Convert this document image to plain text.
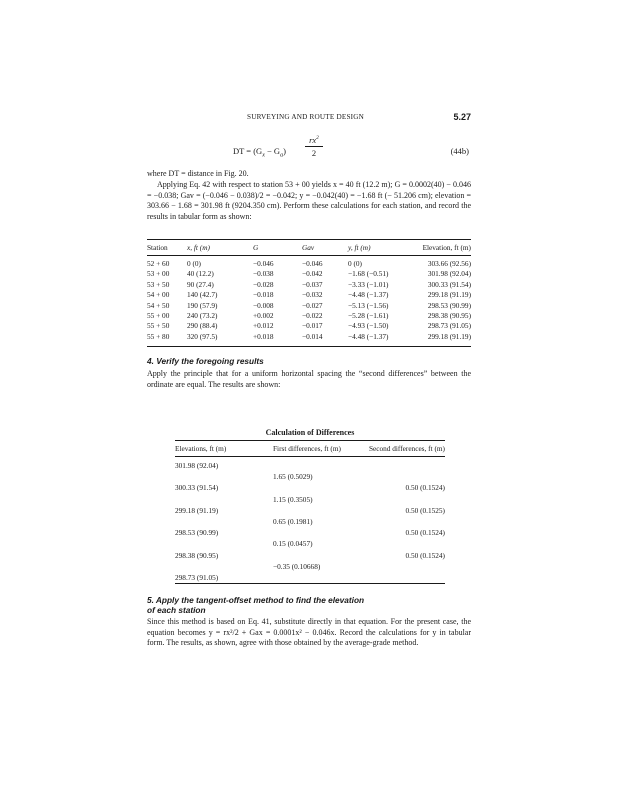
SURVEYING AND ROUTE DESIGN	5.27
DT = $(G_x - G_a) \frac{rx^2}{2}$	(44b)

where DT = distance in Fig. 20.

Applying Eq. 42 with respect to station 53 + 00 yields x = 40 ft (12.2 m); G = 0.0002(40) − 0.046 = −0.038; Gav = (−0.046 − 0.038)/2 = −0.042; y = −0.042(40) = −1.68 ft (− 51.206 cm); elevation = 303.66 − 1.68 = 301.98 ft (9204.350 cm). Perform these calculations for each station, and record the results in tabular form as shown:

Station	x, ft (m)	G	Gav	y, ft (m)	Elevation, ft (m)
52 + 60	0 (0)	−0.046	−0.046	0 (0)	303.66 (92.56)
53 + 00	40 (12.2)	−0.038	−0.042	−1.68 (−0.51)	301.98 (92.04)
53 + 50	90 (27.4)	−0.028	−0.037	−3.33 (−1.01)	300.33 (91.54)
54 + 00	140 (42.7)	−0.018	−0.032	−4.48 (−1.37)	299.18 (91.19)
54 + 50	190 (57.9)	−0.008	−0.027	−5.13 (−1.56)	298.53 (90.99)
55 + 00	240 (73.2)	+0.002	−0.022	−5.28 (−1.61)	298.38 (90.95)
55 + 50	290 (88.4)	+0.012	−0.017	−4.93 (−1.50)	298.73 (91.05)
55 + 80	320 (97.5)	+0.018	−0.014	−4.48 (−1.37)	299.18 (91.19)
4. Verify the foregoing results

Apply the principle that for a uniform horizontal spacing the “second differences” between the ordinate are equal. The results are shown:

Calculation of Differences
Elevations, ft (m)	First differences, ft (m)	Second differences, ft (m)
301.98 (92.04)		
	1.65 (0.5029)	
300.33 (91.54)		0.50 (0.1524)
	1.15 (0.3505)	
299.18 (91.19)		0.50 (0.1525)
	0.65 (0.1981)	
298.53 (90.99)		0.50 (0.1524)
	0.15 (0.0457)	
298.38 (90.95)		0.50 (0.1524)
	−0.35 (0.10668)	
298.73 (91.05)		
5. Apply the tangent-offset method to find the elevation
of each station

Since this method is based on Eq. 41, substitute directly in that equation. For the present case, the equation becomes y = rx²/2 + Gax = 0.0001x² − 0.046x. Record the calculations for y in tabular form. The results, as shown, agree with those obtained by the average-grade method.
